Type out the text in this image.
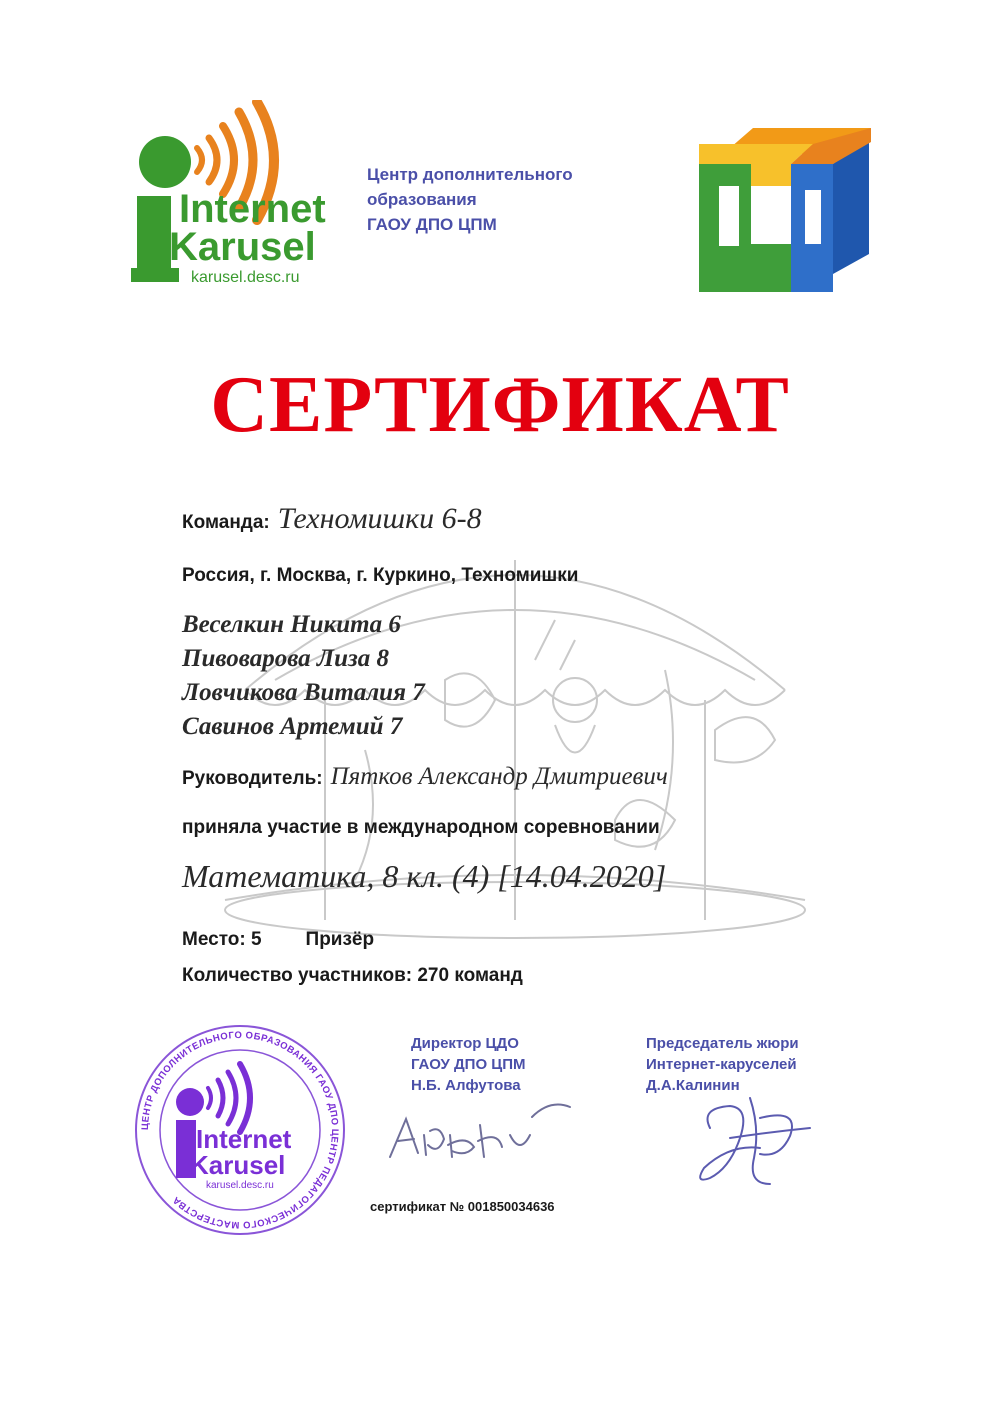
Internet
Karusel
karusel.desc.ru
Центр дополнительного
образования
ГАОУ ДПО ЦПМ
СЕРТИФИКАТ
Команда: Техномишки 6-8
Россия, г. Москва, г. Куркино, Техномишки
Веселкин Никита 6
Пивоварова Лиза 8
Ловчикова Виталия 7
Савинов Артемий 7
Руководитель: Пятков Александр Дмитриевич
приняла участие в международном соревновании
Математика, 8 кл. (4) [14.04.2020]
Место: 5 Призёр
Количество участников: 270 команд
ЦЕНТР ДОПОЛНИТЕЛЬНОГО ОБРАЗОВАНИЯ ГАОУ ДПО ЦЕНТР ПЕДАГОГИЧЕСКОГО МАСТЕРСТВА
Internet
Karusel
karusel.desc.ru
Директор ЦДО
ГАОУ ДПО ЦПМ
Н.Б. Алфутова
Председатель жюри
Интернет-каруселей
Д.А.Калинин
сертификат № 001850034636
